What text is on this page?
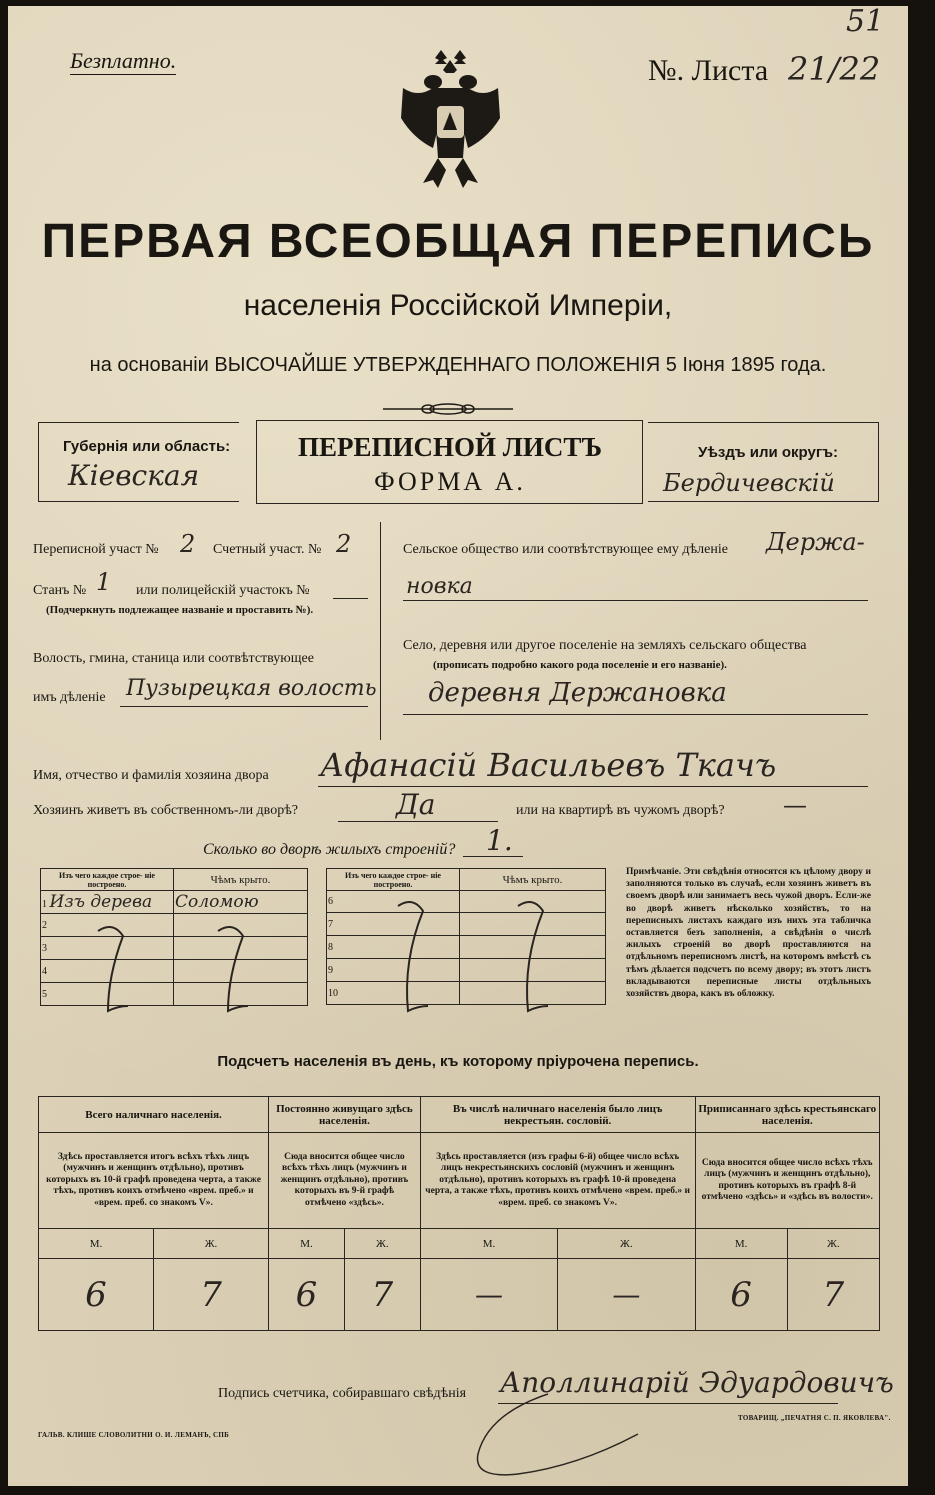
51
Безплатно.	№. Листа 21/22
ПЕРВАЯ ВСЕОБЩАЯ ПЕРЕПИСЬ
населенія Россійской Имперіи,
на основаніи ВЫСОЧАЙШЕ УТВЕРЖДЕННАГО ПОЛОЖЕНІЯ 5 Іюня 1895 года.
Губернія или область:
Кіевская
ПЕРЕПИСНОЙ ЛИСТЪ
ФОРМА А.
Уѣздъ или округъ:
Бердичевскій
Переписной участ № 2 Счетный участ. № 2
Станъ № 1 или полицейскій участокъ №
(Подчеркнуть подлежащее названіе и проставить №).
Волость, гмина, станица или соотвѣтствующее
имъ дѣленіе Пузырецкая волость
Сельское общество или соотвѣтствующее ему дѣленіе Держа-
новка
Село, деревня или другое поселеніе на земляхъ сельскаго общества
(прописать подробно какого рода поселеніе и его названіе).
деревня Держановка
Имя, отчество и фамилія хозяина двора Афанасій Васильевъ Ткачъ
Хозяинъ живетъ въ собственномъ-ли дворѣ?	Да	или на квартирѣ въ чужомъ дворѣ? —
Сколько во дворѣ жилыхъ строеній? 1.
Изъ чего каждое строе- ніе построено.	Чѣмъ крыто.
1 Изъ дерева	Соломою
2	
3	
4	
5	
Изъ чего каждое строе- ніе построено.	Чѣмъ крыто.
6	
7	
8	
9	
10	
Примѣчаніе. Эти свѣдѣнія относятся къ цѣлому двору и заполняются только въ случаѣ, если хозяинъ живетъ въ своемъ дворѣ или занимаетъ весь чужой дворъ. Если-же во дворѣ живетъ нѣсколько хозяйствъ, то на переписныхъ листахъ каждаго изъ нихъ эта табличка оставляется безъ заполненія, а свѣдѣнія о числѣ жилыхъ строеній во дворѣ проставляются на отдѣльномъ переписномъ листѣ, на которомъ вмѣстѣ съ тѣмъ дѣлается подсчетъ по всему двору; въ этотъ листъ вкладываются переписные листы отдѣльныхъ хозяйствъ двора, какъ въ обложку.
Подсчетъ населенія въ день, къ которому пріурочена перепись.
Всего наличнаго населенія.		Постоянно живущаго здѣсь населенія.		Въ числѣ наличнаго населенія было лицъ некрестьян. сословій.		Приписаннаго здѣсь крестьянскаго населенія.	
Здѣсь проставляется итогъ всѣхъ тѣхъ лицъ (мужчинъ и женщинъ отдѣльно), противъ которыхъ въ 10-й графѣ проведена черта, а также тѣхъ, противъ коихъ отмѣчено «врем. преб.» и «врем. преб. со знакомъ V».		Сюда вносится общее число всѣхъ тѣхъ лицъ (мужчинъ и женщинъ отдѣльно), противъ которыхъ въ 9-й графѣ отмѣчено «здѣсь».		Здѣсь проставляется (изъ графы 6-й) общее число всѣхъ лицъ некрестьянскихъ сословій (мужчинъ и женщинъ отдѣльно), противъ которыхъ въ графѣ 10-й проведена черта, а также тѣхъ, противъ коихъ отмѣчено «врем. преб.» и «врем. преб. со знакомъ V».		Сюда вносится общее число всѣхъ тѣхъ лицъ (мужчинъ и женщинъ отдѣльно), противъ которыхъ въ графѣ 8-й отмѣчено «здѣсь» и «здѣсь въ волости».	
М.	Ж.	М.	Ж.	М.	Ж.	М.	Ж.
6	7	6	7	—	—	6	7
Подпись счетчика, собиравшаго свѣдѣнія Аполлинарій Эдуардовичъ
ГАЛЬВ. КЛИШЕ СЛОВОЛИТНИ О. И. ЛЕМАНЪ, СПБ
ТОВАРИЩ. „ПЕЧАТНЯ С. П. ЯКОВЛЕВА".
